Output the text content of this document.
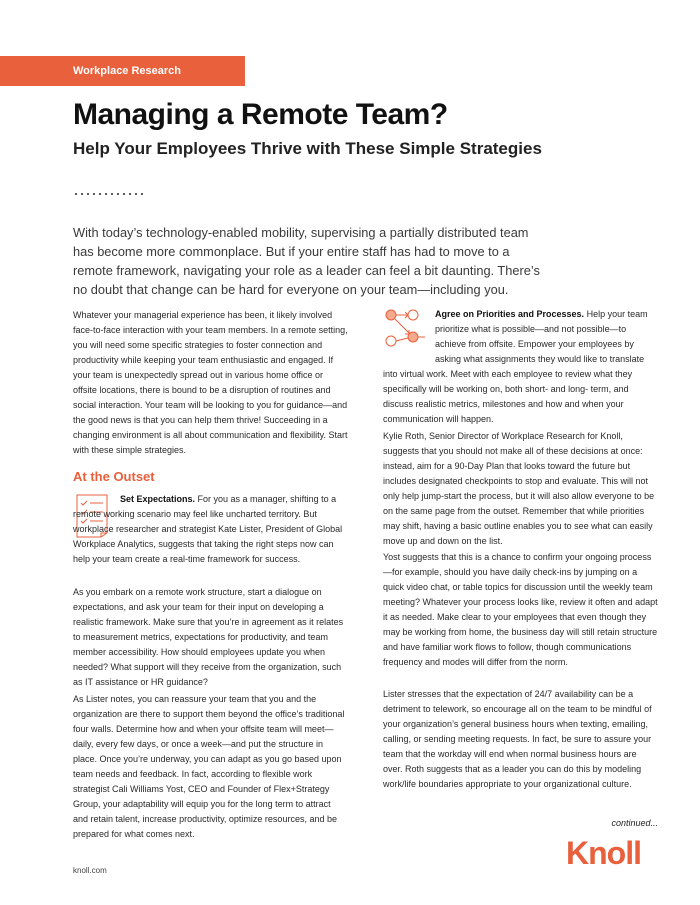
Workplace Research
Managing a Remote Team?
Help Your Employees Thrive with These Simple Strategies

With today’s technology-enabled mobility, supervising a partially distributed team has become more commonplace. But if your entire staff has had to move to a remote framework, navigating your role as a leader can feel a bit daunting. There’s no doubt that change can be hard for everyone on your team—including you.

Whatever your managerial experience has been, it likely involved face-to-face interaction with your team members. In a remote setting, you will need some specific strategies to foster connection and productivity while keeping your team enthusiastic and engaged. If your team is unexpectedly spread out in various home office or offsite locations, there is bound to be a disruption of routines and social interaction. Your team will be looking to you for guidance—and the good news is that you can help them thrive! Succeeding in a changing environment is all about communication and flexibility. Start with these simple strategies.

At the Outset

Set Expectations. For you as a manager, shifting to a remote working scenario may feel like uncharted territory. But workplace researcher and strategist Kate Lister, President of Global Workplace Analytics, suggests that taking the right steps now can help your team create a real-time framework for success.

As you embark on a remote work structure, start a dialogue on expectations, and ask your team for their input on developing a realistic framework. Make sure that you’re in agreement as it relates to measurement metrics, expectations for productivity, and team member accessibility. How should employees update you when needed? What support will they receive from the organization, such as IT assistance or HR guidance?

As Lister notes, you can reassure your team that you and the organization are there to support them beyond the office’s traditional four walls. Determine how and when your offsite team will meet—daily, every few days, or once a week—and put the structure in place. Once you’re underway, you can adapt as you go based upon team needs and feedback. In fact, according to flexible work strategist Cali Williams Yost, CEO and Founder of Flex+Strategy Group, your adaptability will equip you for the long term to attract and retain talent, increase productivity, optimize resources, and be prepared for what comes next.

Agree on Priorities and Processes. Help your team prioritize what is possible—and not possible—to achieve from offsite. Empower your employees by asking what assignments they would like to translate into virtual work. Meet with each employee to review what they specifically will be working on, both short- and long- term, and discuss realistic metrics, milestones and how and when your communication will happen.

Kylie Roth, Senior Director of Workplace Research for Knoll, suggests that you should not make all of these decisions at once: instead, aim for a 90-Day Plan that looks toward the future but includes designated checkpoints to stop and evaluate. This will not only help jump-start the process, but it will also allow everyone to be on the same page from the outset. Remember that while priorities may shift, having a basic outline enables you to see what can easily move up and down on the list.

Yost suggests that this is a chance to confirm your ongoing process—for example, should you have daily check-ins by jumping on a quick video chat, or table topics for discussion until the weekly team meeting? Whatever your process looks like, review it often and adapt it as needed. Make clear to your employees that even though they may be working from home, the business day will still retain structure and have familiar work flows to follow, though communications frequency and modes will differ from the norm.

Lister stresses that the expectation of 24/7 availability can be a detriment to telework, so encourage all on the team to be mindful of your organization’s general business hours when texting, emailing, calling, or sending meeting requests. In fact, be sure to assure your team that the workday will end when normal business hours are over. Roth suggests that as a leader you can do this by modeling work/life boundaries appropriate to your organizational culture.

continued...
Knoll
knoll.com
